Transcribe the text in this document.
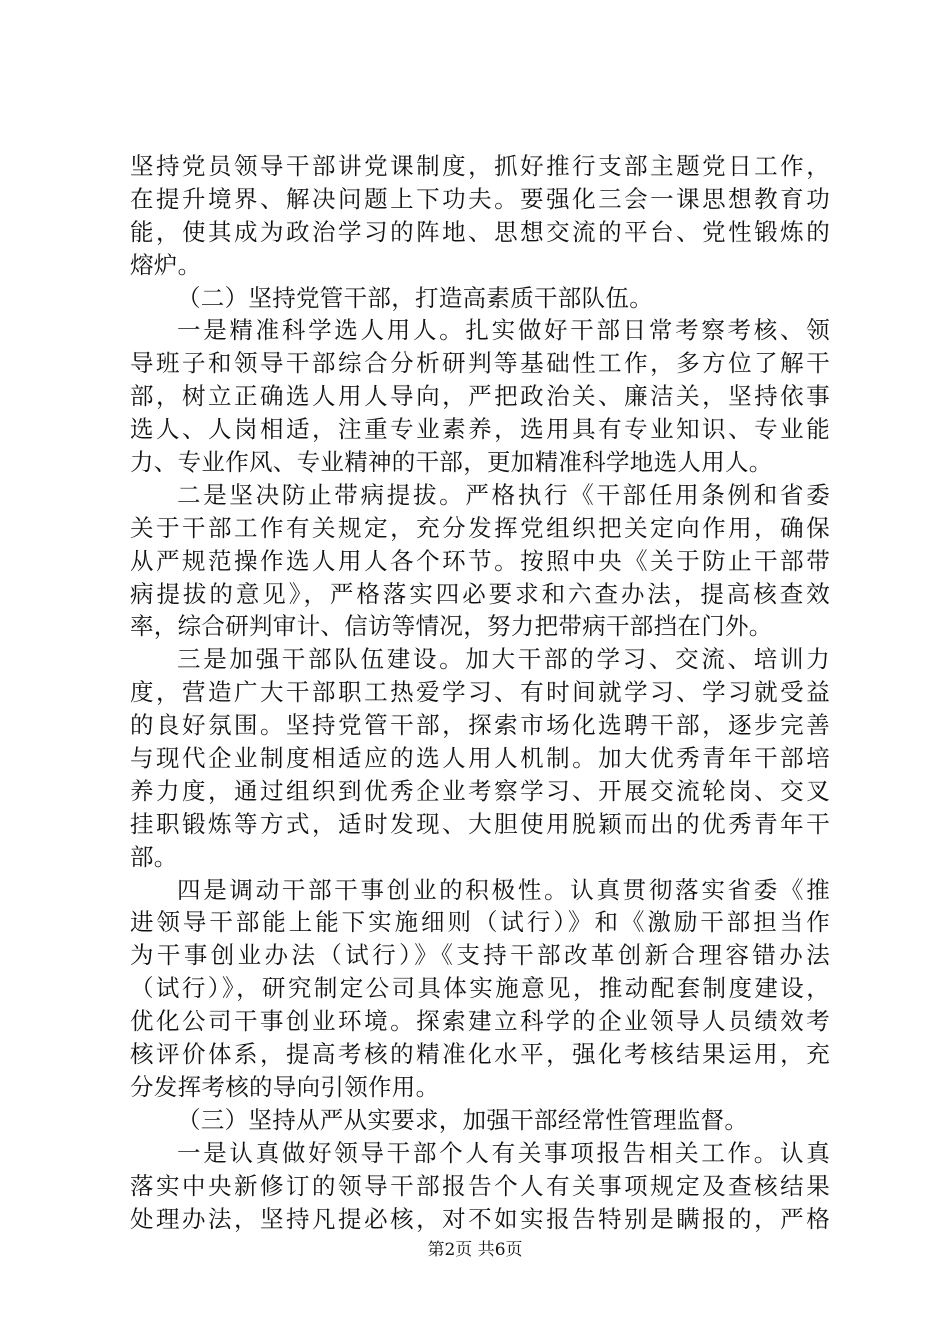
坚持党员领导干部讲党课制度，抓好推行支部主题党日工作，
在提升境界、解决问题上下功夫。要强化三会一课思想教育功
能，使其成为政治学习的阵地、思想交流的平台、党性锻炼的
熔炉。
（二）坚持党管干部，打造高素质干部队伍。
一是精准科学选人用人。扎实做好干部日常考察考核、领
导班子和领导干部综合分析研判等基础性工作，多方位了解干
部，树立正确选人用人导向，严把政治关、廉洁关，坚持依事
选人、人岗相适，注重专业素养，选用具有专业知识、专业能
力、专业作风、专业精神的干部，更加精准科学地选人用人。
二是坚决防止带病提拔。严格执行《干部任用条例和省委
关于干部工作有关规定，充分发挥党组织把关定向作用，确保
从严规范操作选人用人各个环节。按照中央《关于防止干部带
病提拔的意见》，严格落实四必要求和六查办法，提高核查效
率，综合研判审计、信访等情况，努力把带病干部挡在门外。
三是加强干部队伍建设。加大干部的学习、交流、培训力
度，营造广大干部职工热爱学习、有时间就学习、学习就受益
的良好氛围。坚持党管干部，探索市场化选聘干部，逐步完善
与现代企业制度相适应的选人用人机制。加大优秀青年干部培
养力度，通过组织到优秀企业考察学习、开展交流轮岗、交叉
挂职锻炼等方式，适时发现、大胆使用脱颖而出的优秀青年干
部。
四是调动干部干事创业的积极性。认真贯彻落实省委《推
进领导干部能上能下实施细则（试行）》和《激励干部担当作
为干事创业办法（试行）》《支持干部改革创新合理容错办法
（试行）》，研究制定公司具体实施意见，推动配套制度建设，
优化公司干事创业环境。探索建立科学的企业领导人员绩效考
核评价体系，提高考核的精准化水平，强化考核结果运用，充
分发挥考核的导向引领作用。
（三）坚持从严从实要求，加强干部经常性管理监督。
一是认真做好领导干部个人有关事项报告相关工作。认真
落实中央新修订的领导干部报告个人有关事项规定及查核结果
处理办法，坚持凡提必核，对不如实报告特别是瞒报的，严格
第2页 共6页
